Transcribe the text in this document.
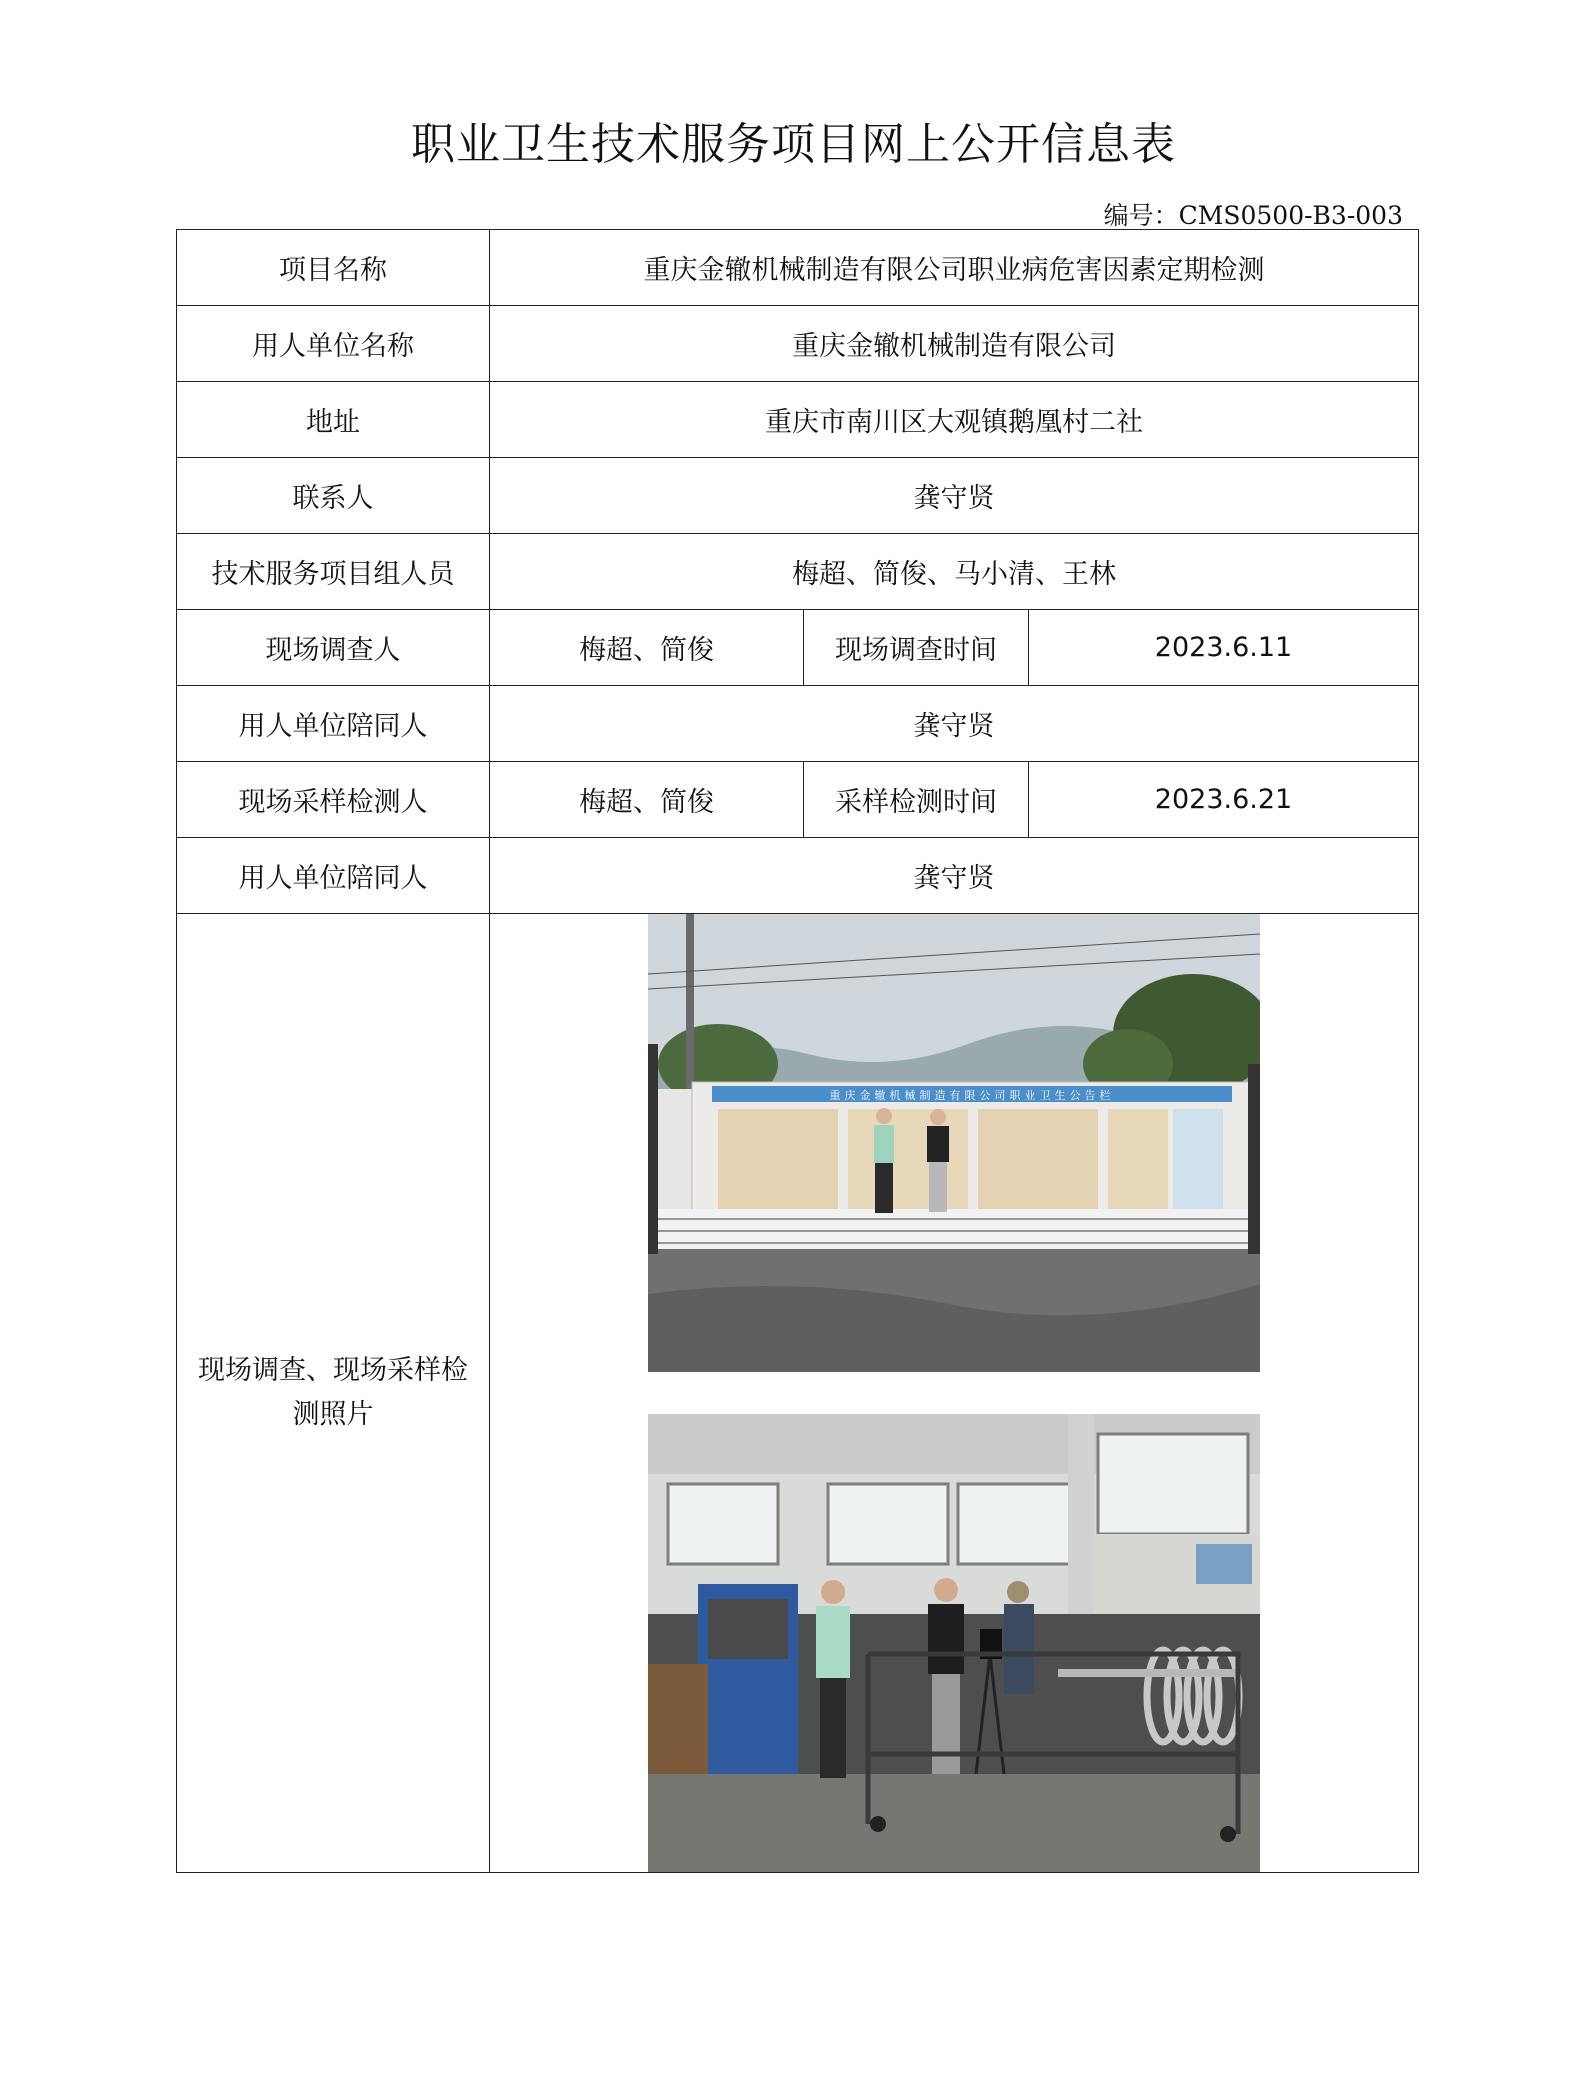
职业卫生技术服务项目网上公开信息表
编号：CMS0500-B3-003
项目名称	重庆金辙机械制造有限公司职业病危害因素定期检测		
用人单位名称	重庆金辙机械制造有限公司		
地址	重庆市南川区大观镇鹅凰村二社		
联系人	龚守贤		
技术服务项目组人员	梅超、简俊、马小清、王林		
现场调查人	梅超、简俊	现场调查时间	2023.6.11
用人单位陪同人	龚守贤		
现场采样检测人	梅超、简俊	采样检测时间	2023.6.21
用人单位陪同人	龚守贤		

现场调查、现场采样检测照片	重庆金辙机械制造有限公司职业卫生公告栏		
